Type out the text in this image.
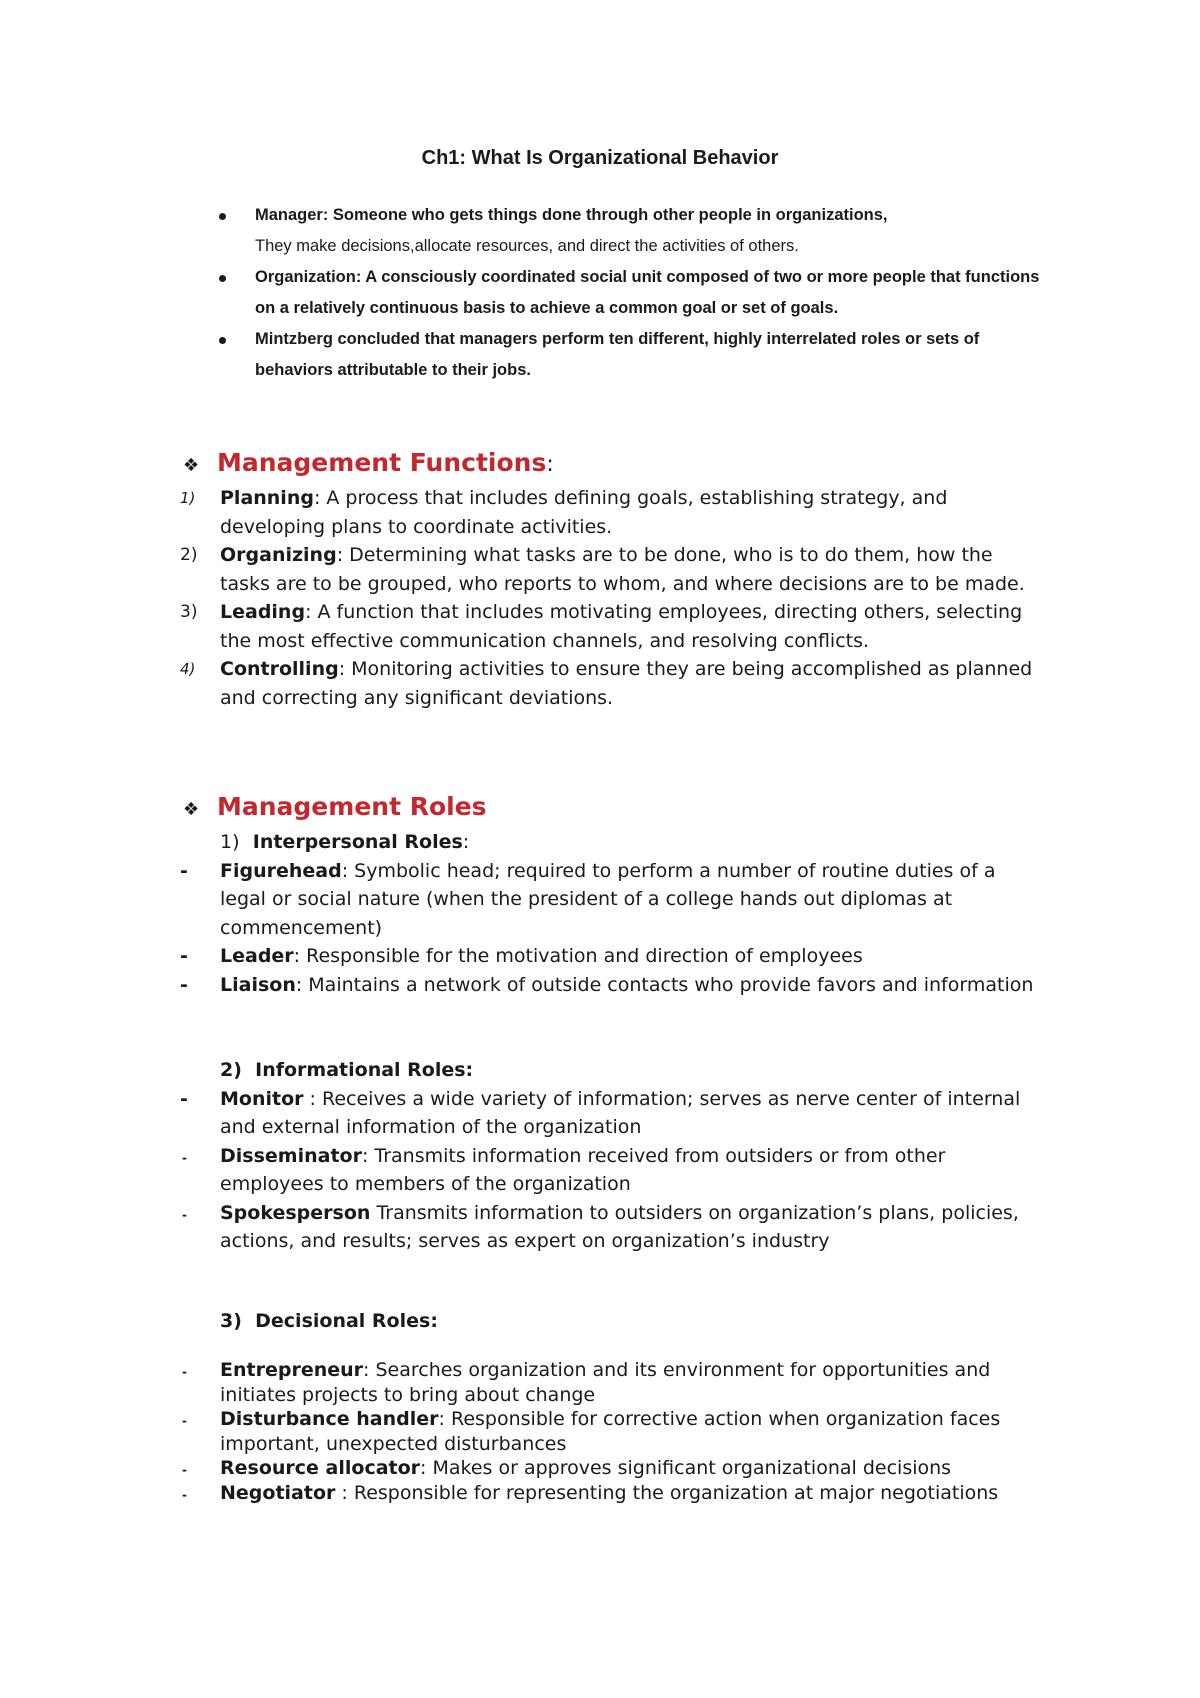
Ch1: What Is Organizational Behavior
Manager: Someone who gets things done through other people in organizations,
They make decisions,allocate resources, and direct the activities of others.
Organization: A consciously coordinated social unit composed of two or more people that functions on a relatively continuous basis to achieve a common goal or set of goals.
Mintzberg concluded that managers perform ten different, highly interrelated roles or sets of behaviors attributable to their jobs.
❖ Management Functions:
1) Planning: A process that includes defining goals, establishing strategy, and developing plans to coordinate activities.
2) Organizing: Determining what tasks are to be done, who is to do them, how the tasks are to be grouped, who reports to whom, and where decisions are to be made.
3) Leading: A function that includes motivating employees, directing others, selecting the most effective communication channels, and resolving conflicts.
4) Controlling: Monitoring activities to ensure they are being accomplished as planned and correcting any significant deviations.
❖ Management Roles
1) Interpersonal Roles:
- Figurehead: Symbolic head; required to perform a number of routine duties of a legal or social nature (when the president of a college hands out diplomas at commencement)
- Leader: Responsible for the motivation and direction of employees
- Liaison: Maintains a network of outside contacts who provide favors and information
2) Informational Roles:
- Monitor : Receives a wide variety of information; serves as nerve center of internal and external information of the organization
- Disseminator: Transmits information received from outsiders or from other employees to members of the organization
- Spokesperson Transmits information to outsiders on organization’s plans, policies, actions, and results; serves as expert on organization’s industry
3) Decisional Roles:
- Entrepreneur: Searches organization and its environment for opportunities and initiates projects to bring about change
- Disturbance handler: Responsible for corrective action when organization faces important, unexpected disturbances
- Resource allocator: Makes or approves significant organizational decisions
- Negotiator : Responsible for representing the organization at major negotiations
